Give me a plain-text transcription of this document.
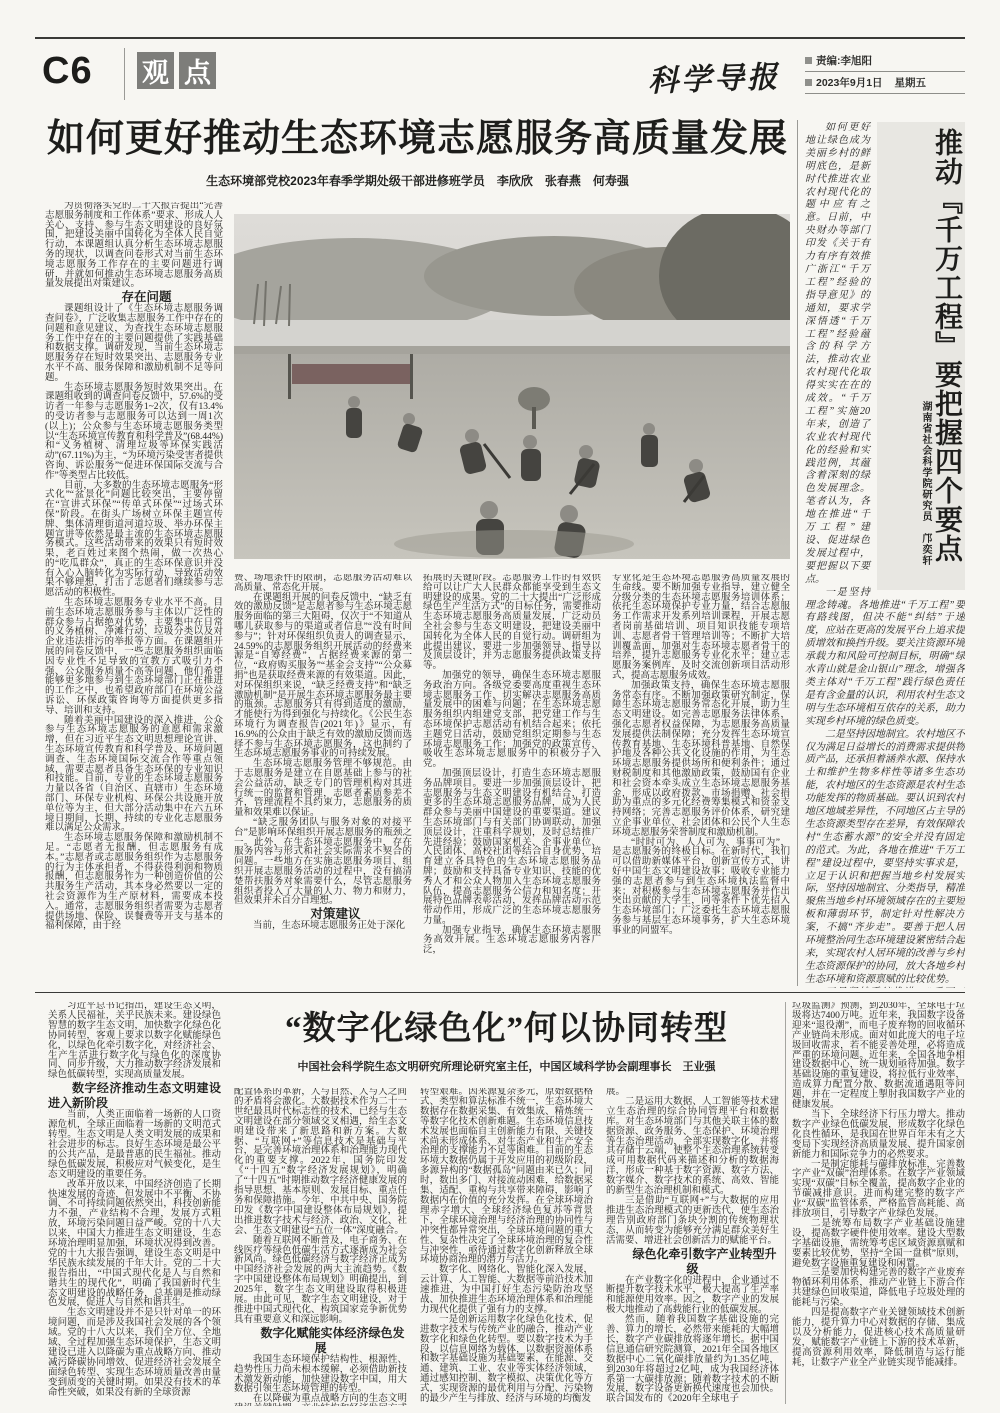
C6 观 点	科学导报	责编:李旭阳
2023年9月1日 星期五
如何更好推动生态环境志愿服务高质量发展
生态环境部党校2023年春季学期处级干部进修班学员　李欣欣　张春燕　何寿强

为贯彻落实党的二十大报告提出“完善志愿服务制度和工作体系”要求、形成人人关心、支持、参与生态文明建设的良好氛围，把建设美丽中国转化为全体人民自觉行动，本课题组认真分析生态环境志愿服务的现状，以调查问卷形式对当前生态环境志愿服务工作存在的主要问题进行调研，并就如何推动生态环境志愿服务高质量发展提出对策建议。

存在问题

课题组设计了《生态环境志愿服务调查问卷》，广泛收集志愿服务工作中存在的问题和意见建议，为查找生态环境志愿服务工作中存在的主要问题提供了实践基础和数据支撑。调研发现，当前生态环境志愿服务存在短时效果突出、志愿服务专业水平不高、服务保障和激励机制不足等问题。

生态环境志愿服务短时效果突出。在课题组收到的调查问卷反馈中，57.6%的受访者一年参与志愿服务1~2次，仅有13.4%的受访者参与志愿服务可以达到一周1次(以上)；公众参与生态环境志愿服务类型以“生态环境宣传教育和科学普及”(68.44%)和“义务植树、清理垃圾等环保实践活动”(67.11%)为主，“为环境污染受害者提供咨询、诉讼服务”“促进环保国际交流与合作”等类型占比较低。

目前，大多数的生态环境志愿服务“形式化”“盆景化”问题比较突出，主要停留在“宣讲式环保”“传单式环保”“过场式环保”阶段。在街头广场树立环保主题宣传牌、集体清理街道河道垃圾、举办环保主题宣讲等依然是最主流的生态环境志愿服务模式。这些活动带来的效果只有短时效果，老百姓过来图个热闹，做一次热心的“吃瓜群众”，真正的生态环保意识并没有入心入脑转化为实际行动，导致活动效果不够理想，打击了志愿者们继续参与志愿活动的积极性。

生态环境志愿服务专业水平不高。目前生态环境志愿服务参与主体以广泛性的群众参与占据绝对优势，主要集中在日常的义务植树、净滩行动、垃圾分类以及对企业违法排污的举报等方面。在课题组开展的问卷反馈中，一些志愿服务组织面临因专业性不足导致的宣教方式吸引力不强、公众服务质量不高等问题，他们希望能够更多地参与到生态环境部门正在推进的工作之中，也希望政府部门在环境公益诉讼、环保政策咨询等方面提供更多指导、培训和支持。

随着美丽中国建设的深入推进，公众参与生态环境志愿服务的意愿和需求激增，但在习近平生态文明思想理论宣讲、生态环境宣传教育和科学普及、环境问题调查、生态环境国际交流合作等重点领域，需要志愿者具备生态环保的专业知识和技能。目前，专业的生态环境志愿服务力量以各省（自治区、直辖市）生态环境部门、环保专业机构、环保公共设施开放单位等为主，但大部分活动集中在六五环境日期间，长期、持续的专业化志愿服务难以满足公众需求。

生态环境志愿服务保障和激励机制不足。“志愿者无报酬，但志愿服务有成本。”志愿者或志愿服务组织作为志愿服务的行为主体承担者，不得获得利润和物质报酬，但志愿服务作为一种创造价值的公共服务生产活动，其本身必然要以一定的社会资源作为生产原材料，需要成本投入。通常，志愿服务组织者需要为志愿者提供场地、保险、误餐费等开支与基本的福利保障，由于经

费、场地条件的限制，志愿服务活动难以高质量、常态化开展。

在课题组开展的问卷反馈中，“缺乏有效的激励反馈”是志愿者参与生态环境志愿服务面临的第三大阻碍，仅次于“不知道从哪儿获取参与的渠道或者信息”“没有时间参与”；针对环保组织负责人的调查显示，24.59%的志愿服务组织开展活动的经费来源是“自筹经费”，占据经费来源的第一位，“政府购买服务”“基金会支持”“公众募捐”也是获取经费来源的有效渠道。因此，对环保组织来说，“缺乏经费支持”和“缺乏激励机制”是开展生态环境志愿服务最主要的瓶颈。志愿服务只有得到适度的激励，才能使行为得到强化与持续化。《公民生态环境行为调查报告(2021年)》显示，有16.9%的公众由于缺乏有效的激励反馈而选择不参与生态环境志愿服务，这也制约了生态环境志愿服务事业的可持续发展。

生态环境志愿服务管理不够规范。由于志愿服务是建立在自愿基础上参与的社会公益活动，缺乏专门的管理机构对其进行统一的监督和管理，志愿者素质参差不齐，管理流程不具约束力，志愿服务的质量和效果难以保证。

“缺乏服务团队与服务对象的对接平台”是影响环保组织开展志愿服务的瓶颈之一。此外，在生态环境志愿服务中，存在服务内容与形式和社会实际需求不契合的问题。一些地方在实施志愿服务项目、组织开展志愿服务活动的过程中，没有搞清楚帮扶服务对象需要什么，尽管志愿服务组织者投入了大量的人力、物力和财力，但效果并未百分百理想。

对策建议

当前，生态环境志愿服务正处于深化

拓展的关键阶段。志愿服务工作的有效供给可以让广大人民群众都能享受到生态文明建设的成果。党的二十大提出“广泛形成绿色生产生活方式”的目标任务，需要推动生态环境志愿服务高质量发展，广泛动员全社会参与生态文明建设，把建设美丽中国转化为全体人民的自觉行动。调研组为此提出建议，要进一步加强领导、指导以及顶层设计，并为志愿服务提供政策支持等。

加强党的领导，确保生态环境志愿服务政治方向。各级党委要高度重视生态环境志愿服务工作，切实解决志愿服务高质量发展中的困难与问题；在生态环境志愿服务组织内组建党支部，把党建工作与生态环境保护志愿活动有机结合起来；依托主题党日活动，鼓励党组织定期参与生态环境志愿服务工作；加强党的政策宣传，吸收生态环境志愿服务中的积极分子入党。

加强顶层设计，打造生态环境志愿服务品牌项目。要进一步加强顶层设计，把志愿服务与生态文明建设有机结合，打造更多的生态环境志愿服务品牌，成为人民群众参与美丽中国建设的重要渠道。建议生态环境部门与有关部门协调联动，加强顶层设计，注重科学规划，及时总结推广先进经验；鼓励国家机关、企事业单位、人民团体、高校社团等结合自身优势，培育建立各具特色的生态环境志愿服务品牌；鼓励和支持具备专业知识、技能的优秀人才和公众人物加入生态环境志愿服务队伍，提高志愿服务公信力和知名度；开展特色品牌表彰活动，发挥品牌活动示范带动作用，形成广泛的生态环境志愿服务力量。

加强专业指导，确保生态环境志愿服务高效开展。生态环境志愿服务内容广泛，

专业化是生态环境志愿服务高质量发展的生命线。要不断加强专业指导，建立健全分级分类的生态环境志愿服务培训体系；依托生态环境保护专业力量，结合志愿服务工作需求开发系列培训课程，开展志愿者岗前基础培训、项目知识技能专项培训、志愿者骨干管理培训等；不断扩大培训覆盖面，加强对生态环境志愿者骨干的培养，提升志愿服务专业化水平；建立志愿服务案例库，及时交流创新项目活动形式，提高志愿服务成效。

加强政策支持，确保生态环境志愿服务常态有序。不断加强政策研究制定，保障生态环境志愿服务常态化开展，助力生态文明建设。如完善志愿服务法律体系，强化志愿者权益保障，为志愿服务高质量发展提供法制保障；充分发挥生态环境宣传教育基地、生态环境科普基地、自然保护地及各种公共文化设施的作用，为生态环境志愿服务提供场所和便利条件；通过财税制度和其他激励政策，鼓励国有企业和社会资本牵头成立生态环境志愿服务基金，形成以政府拨款、市场捐赠、社会捐助为重点的多元化经费筹集模式和资金支持网络；完善志愿服务评价体系，研究建立企事业单位、社会团体和公民个人生态环境志愿服务荣誉制度和激励机制。

“时时可为、人人可为、事事可为”，是志愿服务的终极目标。在新时代，我们可以借助新媒体平台，创新宣传方式，讲好中国生态文明建设故事；吸收专业能力强的志愿者参与到生态环境执法监督中来；对积极参与生态环境志愿服务并作出突出贡献的大学生，同等条件下优先招入生态环境部门；广泛委托生态环境志愿服务参与基层生态环境事务，扩大生态环境事业的同盟军。

湖南省社会科学院研究员　邝奕轩 推动『千万工程』要把握四个要点

如何更好地让绿色成为美丽乡村的鲜明底色，是新时代推进农业农村现代化的题中应有之意。日前，中央财办等部门印发《关于有力有序有效推广浙江“千万工程”经验的指导意见》的通知，要求学深悟透“千万工程”经验蕴含的科学方法，推动农业农村现代化取得实实在在的成效。“千万工程”实施20年来，创造了农业农村现代化的经验和实践范例，其蕴含着深刻的绿色发展理念。笔者认为，各地在推进“千万工程”建设、促进绿色发展过程中，要把握以下要点。

一是坚持理念铸魂。各地推进“千万工程”要有路线图，但决不能“纠结”于速度，应站在更高的发展平台上追求提质增效和换挡升级。要关注资源环境承载力和风险可控制目标，明确“绿水青山就是金山银山”理念，增强各类主体对“千万工程”践行绿色责任是有含金量的认识，利用农村生态文明与生态环境相互依存的关系，助力实现乡村环境的绿色质变。

二是坚持因地制宜。农村地区不仅为满足日益增长的消费需求提供物质产品，还承担着涵养水源、保持水土和维护生物多样性等诸多生态功能，农村地区的生态资源是农村生态功能发挥的物质基础。要认识到农村地区地域差异性，不同地区占主导的生态资源类型存在差异，有效保障农村“生态蓄水源”的安全并没有固定的范式。为此，各地在推进“千万工程”建设过程中，要坚持实事求是，立足于认识和把握当地乡村发展实际，坚持因地制宜、分类指导，精准聚焦当地乡村环境领域存在的主要短板和薄弱环节，制定针对性解决方案，不搞“齐步走”。要善于把人居环境整治同生态环境建设紧密结合起来，实现农村人居环境的改善与乡村生态资源保护的协同，放大各地乡村生态环境和资源禀赋的比较优势。

“数字化绿色化”何以协同转型
中国社会科学院生态文明研究所理论研究室主任，中国区域科学协会副理事长　王业强

习近平总书记指出，建设生态文明，关系人民福祉，关乎民族未来。建设绿色智慧的数字生态文明，加快数字化绿色化协同转型，客观上要求以数字化赋能绿色化，以绿色化牵引数字化，对经济社会、生产生活进行数字化与绿色化的深度协同、同步升级，大力推动数字经济发展和绿色低碳转型，实现高质量发展。

数字经济推动生态文明建设进入新阶段

当前，人类正面临着一场新的人口资源危机，全球正面临着一场新的文明范式转型。生态文明是人类文明发展的成果和社会进步的标志。良好生态环境是最公平的公共产品，是最普惠的民生福祉。推动绿色低碳发展，积极应对气候变化，是生态文明建设的重要任务。

改革开放以来，中国经济创造了长期快速发展的奇迹，但发展中不平衡、不协调、不可持续问题依然突出，科技创新能力不强，产业结构不合理，发展方式粗放，环境污染问题日益严峻。党的十八大以来，中国大力推进生态文明建设，生态环境治理明显加强，环境状况得到改善。党的十九大报告强调，建设生态文明是中华民族永续发展的千年大计。党的二十大报告指出，“中国式现代化是人与自然和谐共生的现代化”，明确了我国新时代生态文明建设的战略任务，总基调是推动绿色发展，促进人与自然和谐共生。

生态文明建设并不是只针对单一的环境问题，而是涉及我国社会发展的各个领域。党的十八大以来，我们全方位、全地域、全过程加强生态环境保护，生态文明建设已进入以降碳为重点战略方向、推动减污降碳协同增效、促进经济社会发展全面绿色转型、实现生态环境质量改善由量变到质变的关键时期。如果没有技术的革命性突破，如果没有新的全球资源

配置体系的革新，人与自然、人与人之间的矛盾将会激化。大数据技术作为二十一世纪最具时代标志性的技术，已经与生态文明建设在部分领域交叉相遇，给生态文明建设带来了新思路和新方案。大数据、“互联网+”等信息技术是基础与平台，是完善环境治理体系和治理能力现代化的重要支撑。2022年，国务院印发《“十四五”数字经济发展规划》，明确了“十四五”时期推动数字经济健康发展的指导思想、基本原则、发展目标、重点任务和保障措施。今年，中共中央、国务院印发《数字中国建设整体布局规划》，提出推进数字技术与经济、政治、文化、社会、生态文明建设“五位一体”深度融合。

随着互联网不断普及，电子商务、在线医疗等绿色低碳生活方式逐渐成为社会新风尚。绿色低碳经济与数字经济正成为中国经济社会发展的两大主流趋势。《数字中国建设整体布局规划》明确提出，到2025年，数字生态文明建设取得积极进展。由此可见，数字生态文明建设，对于推进中国式现代化、构筑国家竞争新优势具有重要意义和深远影响。

数字化赋能实体经济绿色发展

我国生态环境保护结构性、根源性、趋势性压力尚未根本缓解，必须借助新技术激发新动能，加快建设数字中国，用大数据引领生态环境管理的转型。

在以降碳为重点战略方向的生态文明

转型艰难。因来源复杂多元，原始数据格式、类型和算法标准不统一，生态环境大数据存在数据采集、有效集成、精炼统一等数字化技术创新难题。生态环境信息技术发展也面临自主创新能力有限、关键技术尚未形成体系、对生态产业和生产安全治理的支撑能力不足等困难。目前的生态环境大数据仍属于开发应用的初级阶段，多源异构的“数据孤岛”问题由来已久；同时，数出多门、对接流动困难，给数据采集、适配、重构与共享带来障碍，影响了数据内在价值的充分发挥。在全球环境治理赤字增大、全球经济绿色复苏等背景下，全球环境治理与经济治理的协同性与冲突性都异常突出，全球环境问题的重大性、复杂性决定了全球环境治理的复合性与冲突性，亟待通过数字化创新释放全球环境协商治理的潜力与活力。

数字化、网络化、智能化深入发展，云计算、人工智能、大数据等前沿技术加速推进，为中国打好生态污染防治攻坚战、加快推进生态环境治理体系和治理能力现代化提供了强有力的支撑。

一是创新运用数字化绿色化技术，促进数字技术与传统产业的融合，推动产业数字化和绿色化转型。要以数字技术为手段，以信息网络为载体，以数据资源体系和数字基础设施为基础要素，在能源、交通、建筑、工业、农业等实体经济领域，通过感知控制、数字模拟、决策优化等方式，实现资源的最优利用与分配、污染物的最少产生与排放、经济与环境的均衡发

展。

二是运用大数据、人工智能等技术建立生态治理的综合协同管理平台和数据库。对生态环境部门与其他关联主体的数据资源、政务服务、生态保护、环境治理等生态治理活动，全部实现数字化，并将其存储于云端，使整个生态治理系统转变成可用数据代码来描述和分析的数据海洋，形成一种基于数字资源、数字方法、数字媒介、数字技术的系统、高效、智能的新型生态治理机制和模式。

三是借助“互联网+”与大数据的应用推进生态治理模式的更新迭代，使生态治理告别政府部门条块分割的传统物理状态，从而转变为能够充分满足群众美好生活需要、增进社会创新活力的赋能平台。

绿色化牵引数字产业转型升级

在产业数字化的进程中，企业通过不断提升数字技术水平，极大提高了生产率和能源使用效率。因之，数字产业的发展极大地推动了高载能行业的低碳发展。

然而，随着我国数字基础设施的完善、算力的增长，必然带来能耗的大幅增长，数字产业碳排放将逐年增长。据中国信息通信研究院测算，2021年全国各地区数据中心二氧化碳排放量约为1.35亿吨，到2030年将超过2亿吨，成为我国经济体系第一大碳排放源；随着数字技术的不断发展，数字设备更新换代速度也会加快。联合国发布的《2020年全球电子

垃圾监测》预测，到2030年，全球电子垃圾将达7400万吨。近年来，我国数字设备迎来“退役潮”，而电子废弃物的回收循环产业链尚未形成。面对如此庞大的电子垃圾回收需求，若不能妥善处理，必将造成严重的环境问题。近年来，全国各地争相建设数据中心，统一规划亟待加强。数字基础设施的重复建设，将拉低行业效率，造成算力配置分散、数据流通遇阻等问题，并在一定程度上掣肘我国数字产业的健康发展。

当下，全球经济下行压力增大。推动数字产业绿色低碳发展，形成数字化绿色化良性循环，是我国在世界百年未有之大变局下实现经济高质量发展、提升国家创新能力和国际竞争力的必然要求。

一是制定能耗与碳排放标准，完善数字产业“双碳”治理体系。在数字产业领域实现“双碳”目标全覆盖，提高数字企业的节碳减排意识。进而构建完整的数字产业“双碳”监管体系，严格监管高耗能、高排放项目，引导数字产业绿色发展。

二是统筹布局数字产业基础设施建设，提高数字硬件使用效率。建设大型数字基础设施，需统筹考虑区域资源禀赋和要素比较优势，坚持“全国一盘棋”原则，避免数字设施重复建设和闲置。

三是要加快构建完善的数字产业废弃物循环利用体系，推动产业链上下游合作共建绿色回收渠道，降低电子垃圾处理的能耗与污染。

四是提高数字产业关键领域技术创新能力，提升算力中心对数据的存储、集成以及分析能力，促进核心技术高质量研发，赋能数字产业链上下游的技术革新，提高资源利用效率，降低制造与运行能耗，让数字产业全产业链实现节能减排。
